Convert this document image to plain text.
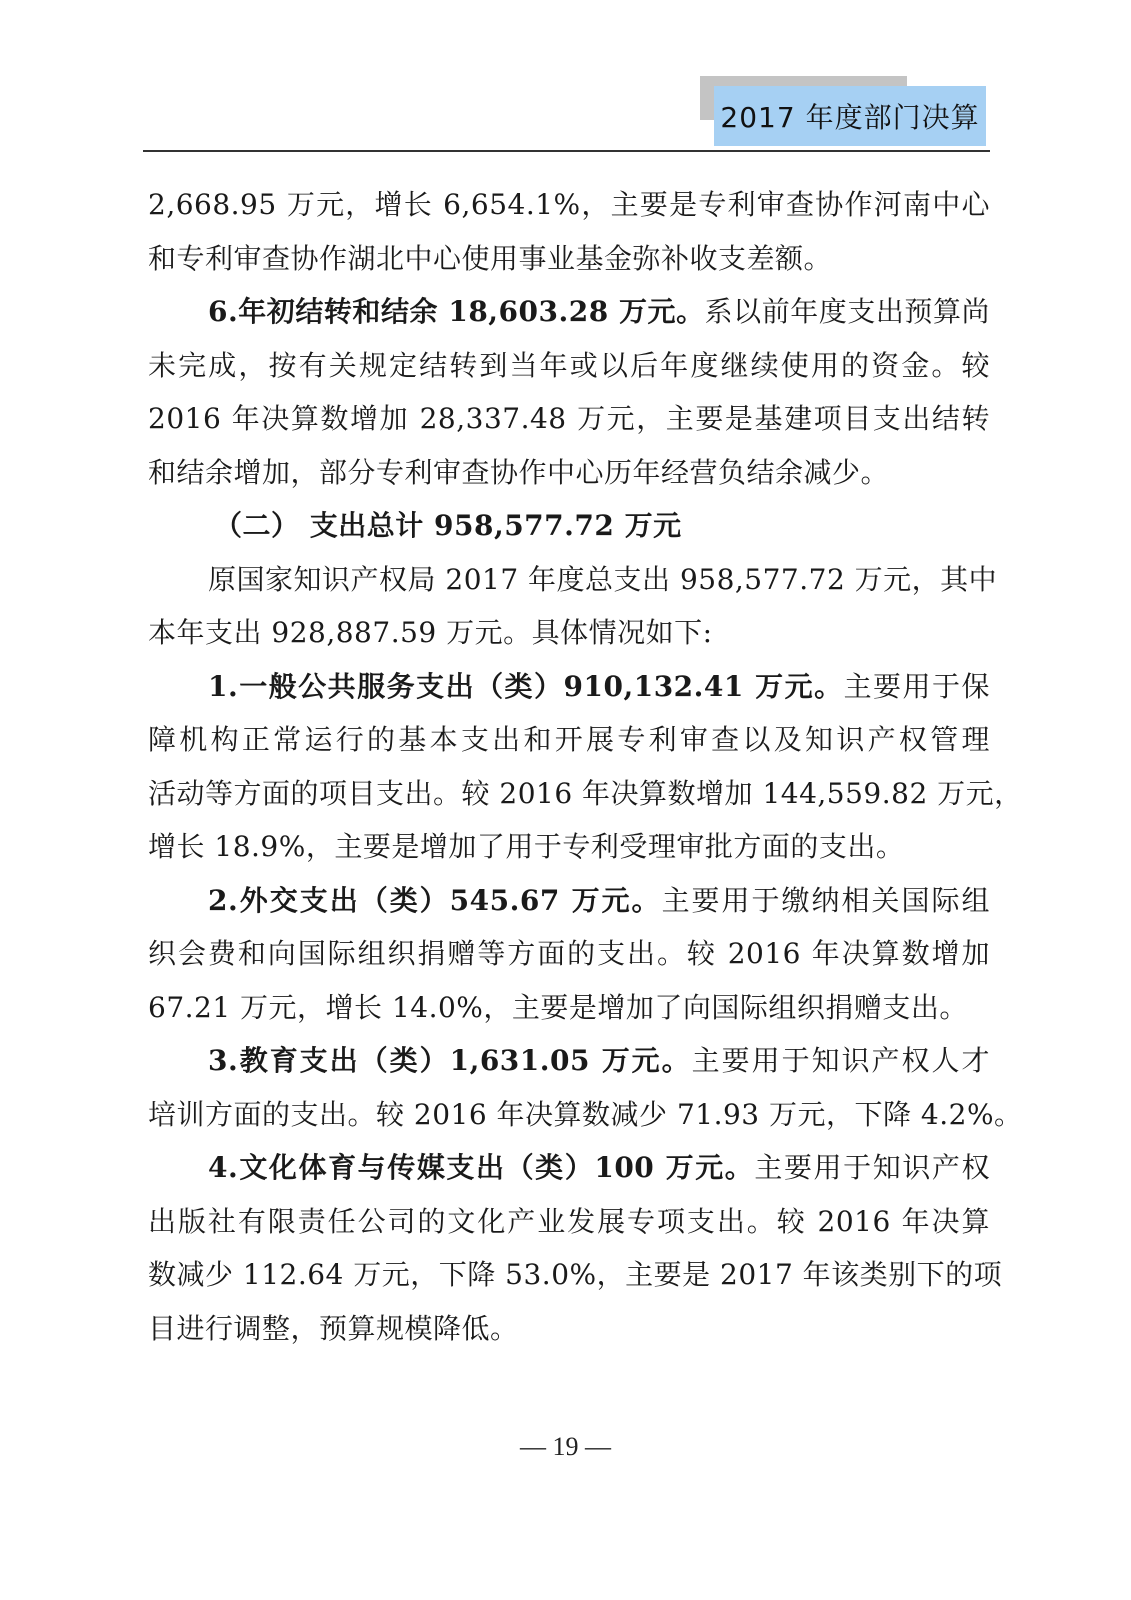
2017 年度部门决算
2,668.95 万元，增长 6,654.1%，主要是专利审查协作河南中心
和专利审查协作湖北中心使用事业基金弥补收支差额。
6.年初结转和结余 18,603.28 万元。系以前年度支出预算尚
未完成，按有关规定结转到当年或以后年度继续使用的资金。较
2016 年决算数增加 28,337.48 万元，主要是基建项目支出结转
和结余增加，部分专利审查协作中心历年经营负结余减少。
（二） 支出总计 958,577.72 万元
原国家知识产权局 2017 年度总支出 958,577.72 万元，其中
本年支出 928,887.59 万元。具体情况如下:
1.一般公共服务支出（类）910,132.41 万元。主要用于保
障机构正常运行的基本支出和开展专利审查以及知识产权管理
活动等方面的项目支出。较 2016 年决算数增加 144,559.82 万元，
增长 18.9%，主要是增加了用于专利受理审批方面的支出。
2.外交支出（类）545.67 万元。主要用于缴纳相关国际组
织会费和向国际组织捐赠等方面的支出。较 2016 年决算数增加
67.21 万元，增长 14.0%，主要是增加了向国际组织捐赠支出。
3.教育支出（类）1,631.05 万元。主要用于知识产权人才
培训方面的支出。较 2016 年决算数减少 71.93 万元，下降 4.2%。
4.文化体育与传媒支出（类）100 万元。主要用于知识产权
出版社有限责任公司的文化产业发展专项支出。较 2016 年决算
数减少 112.64 万元，下降 53.0%，主要是 2017 年该类别下的项
目进行调整，预算规模降低。
— 19 —
